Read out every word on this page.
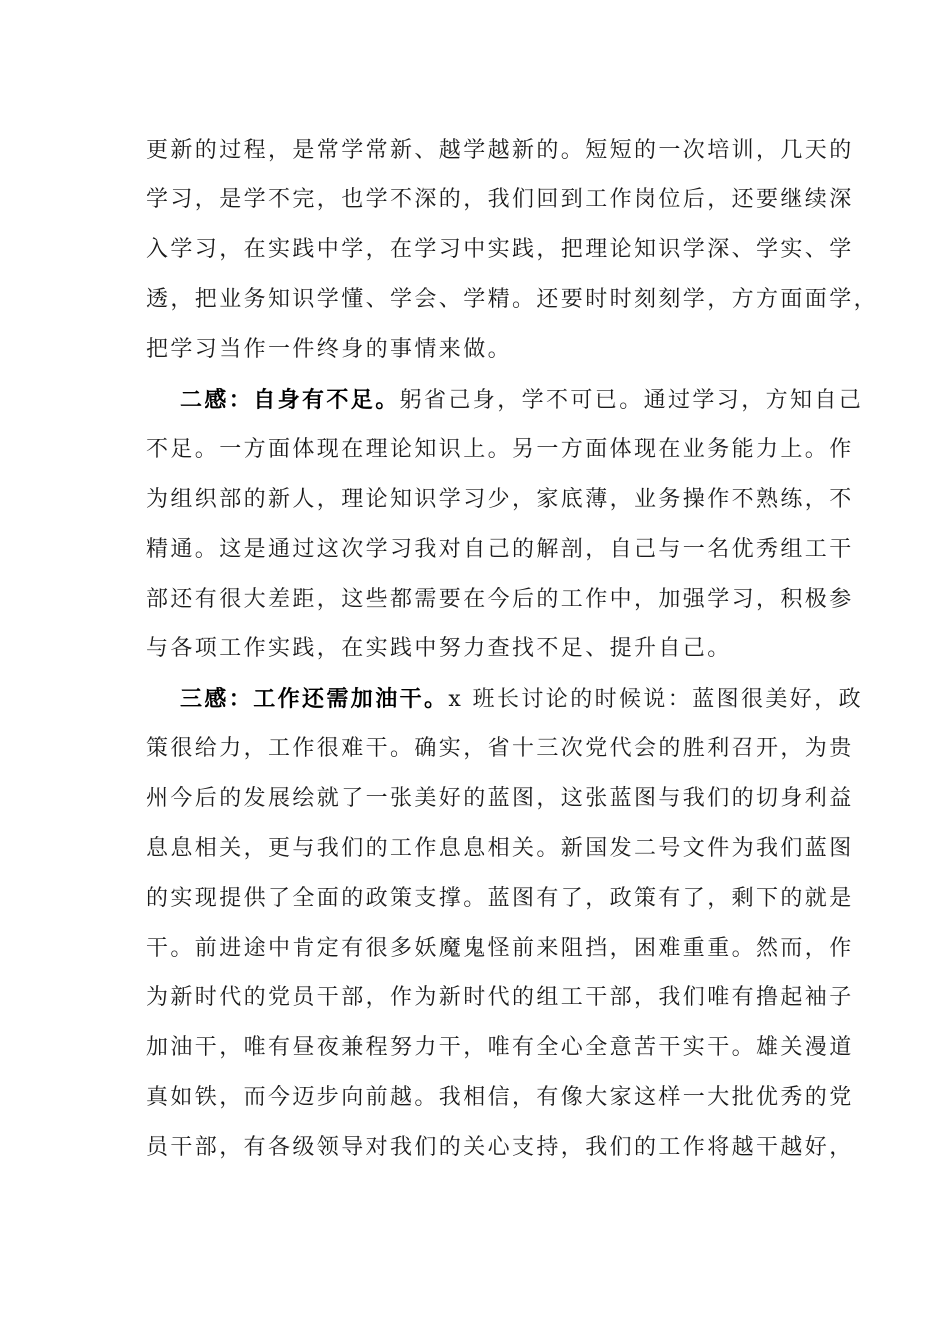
更新的过程，是常学常新、越学越新的。短短的一次培训，几天的
学习，是学不完，也学不深的，我们回到工作岗位后，还要继续深
入学习，在实践中学，在学习中实践，把理论知识学深、学实、学
透，把业务知识学懂、学会、学精。还要时时刻刻学，方方面面学，
把学习当作一件终身的事情来做。
二感：自身有不足。躬省己身，学不可已。通过学习，方知自己
不足。一方面体现在理论知识上。另一方面体现在业务能力上。作
为组织部的新人，理论知识学习少，家底薄，业务操作不熟练，不
精通。这是通过这次学习我对自己的解剖，自己与一名优秀组工干
部还有很大差距，这些都需要在今后的工作中，加强学习，积极参
与各项工作实践，在实践中努力查找不足、提升自己。
三感：工作还需加油干。x 班长讨论的时候说：蓝图很美好，政
策很给力，工作很难干。确实，省十三次党代会的胜利召开，为贵
州今后的发展绘就了一张美好的蓝图，这张蓝图与我们的切身利益
息息相关，更与我们的工作息息相关。新国发二号文件为我们蓝图
的实现提供了全面的政策支撑。蓝图有了，政策有了，剩下的就是
干。前进途中肯定有很多妖魔鬼怪前来阻挡，困难重重。然而，作
为新时代的党员干部，作为新时代的组工干部，我们唯有撸起袖子
加油干，唯有昼夜兼程努力干，唯有全心全意苦干实干。雄关漫道
真如铁，而今迈步向前越。我相信，有像大家这样一大批优秀的党
员干部，有各级领导对我们的关心支持，我们的工作将越干越好，
